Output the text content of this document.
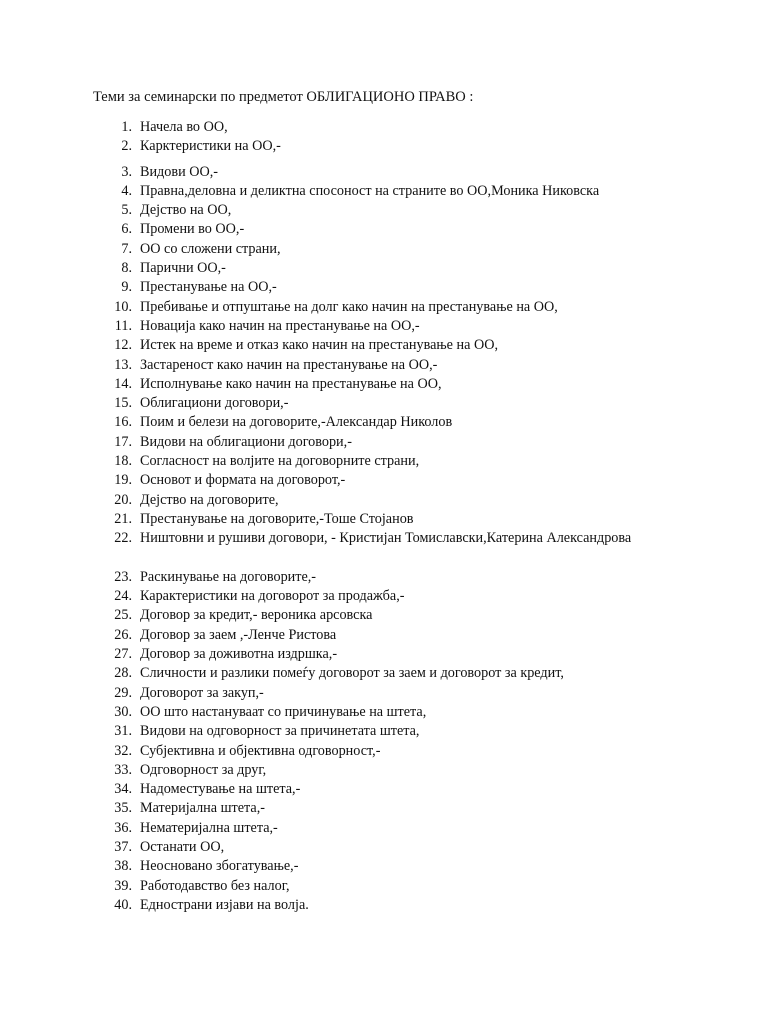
Теми за семинарски по предметот ОБЛИГАЦИОНО ПРАВО :
1. Начела во ОО,
2. Карктеристики на ОО,-
3. Видови ОО,-
4. Правна,деловна и деликтна спосоност на страните во ОО,Моника Никовска
5. Дејство на ОО,
6. Промени во ОО,-
7. ОО со сложени страни,
8. Парични ОО,-
9. Престанување на ОО,-
10. Пребивање и отпуштање на долг како начин на престанување на ОО,
11. Новација како начин на престанување на ОО,-
12. Истек на време и отказ како начин на престанување на ОО,
13. Застареност како начин на престанување на ОО,-
14. Исполнување како начин на престанување на ОО,
15. Облигациони договори,-
16. Поим и белези на договорите,-Александар Николов
17. Видови на облигациони договори,-
18. Согласност на волјите на договорните страни,
19. Основот и формата на договорот,-
20. Дејство на договорите,
21. Престанување на договорите,-Тоше Стојанов
22. Ништовни и рушиви договори, - Кристијан Томиславски,Катерина Александрова
23. Раскинување на договорите,-
24. Карактеристики на договорот за продажба,-
25. Договор за кредит,- вероника арсовска
26. Договор за заем ,-Ленче Ристова
27. Договор за доживотна издршка,-
28. Сличности и разлики помеѓу договорот за заем и договорот за кредит,
29. Договорот за закуп,-
30. ОО што настануваат со причинување на штета,
31. Видови на одговорност за причинетата штета,
32. Субјективна и објективна одговорност,-
33. Одговорност за друг,
34. Надоместување на штета,-
35. Материјална штета,-
36. Нематеријална штета,-
37. Останати ОО,
38. Неосновано збогатување,-
39. Работодавство без налог,
40. Еднострани изјави на волја.
